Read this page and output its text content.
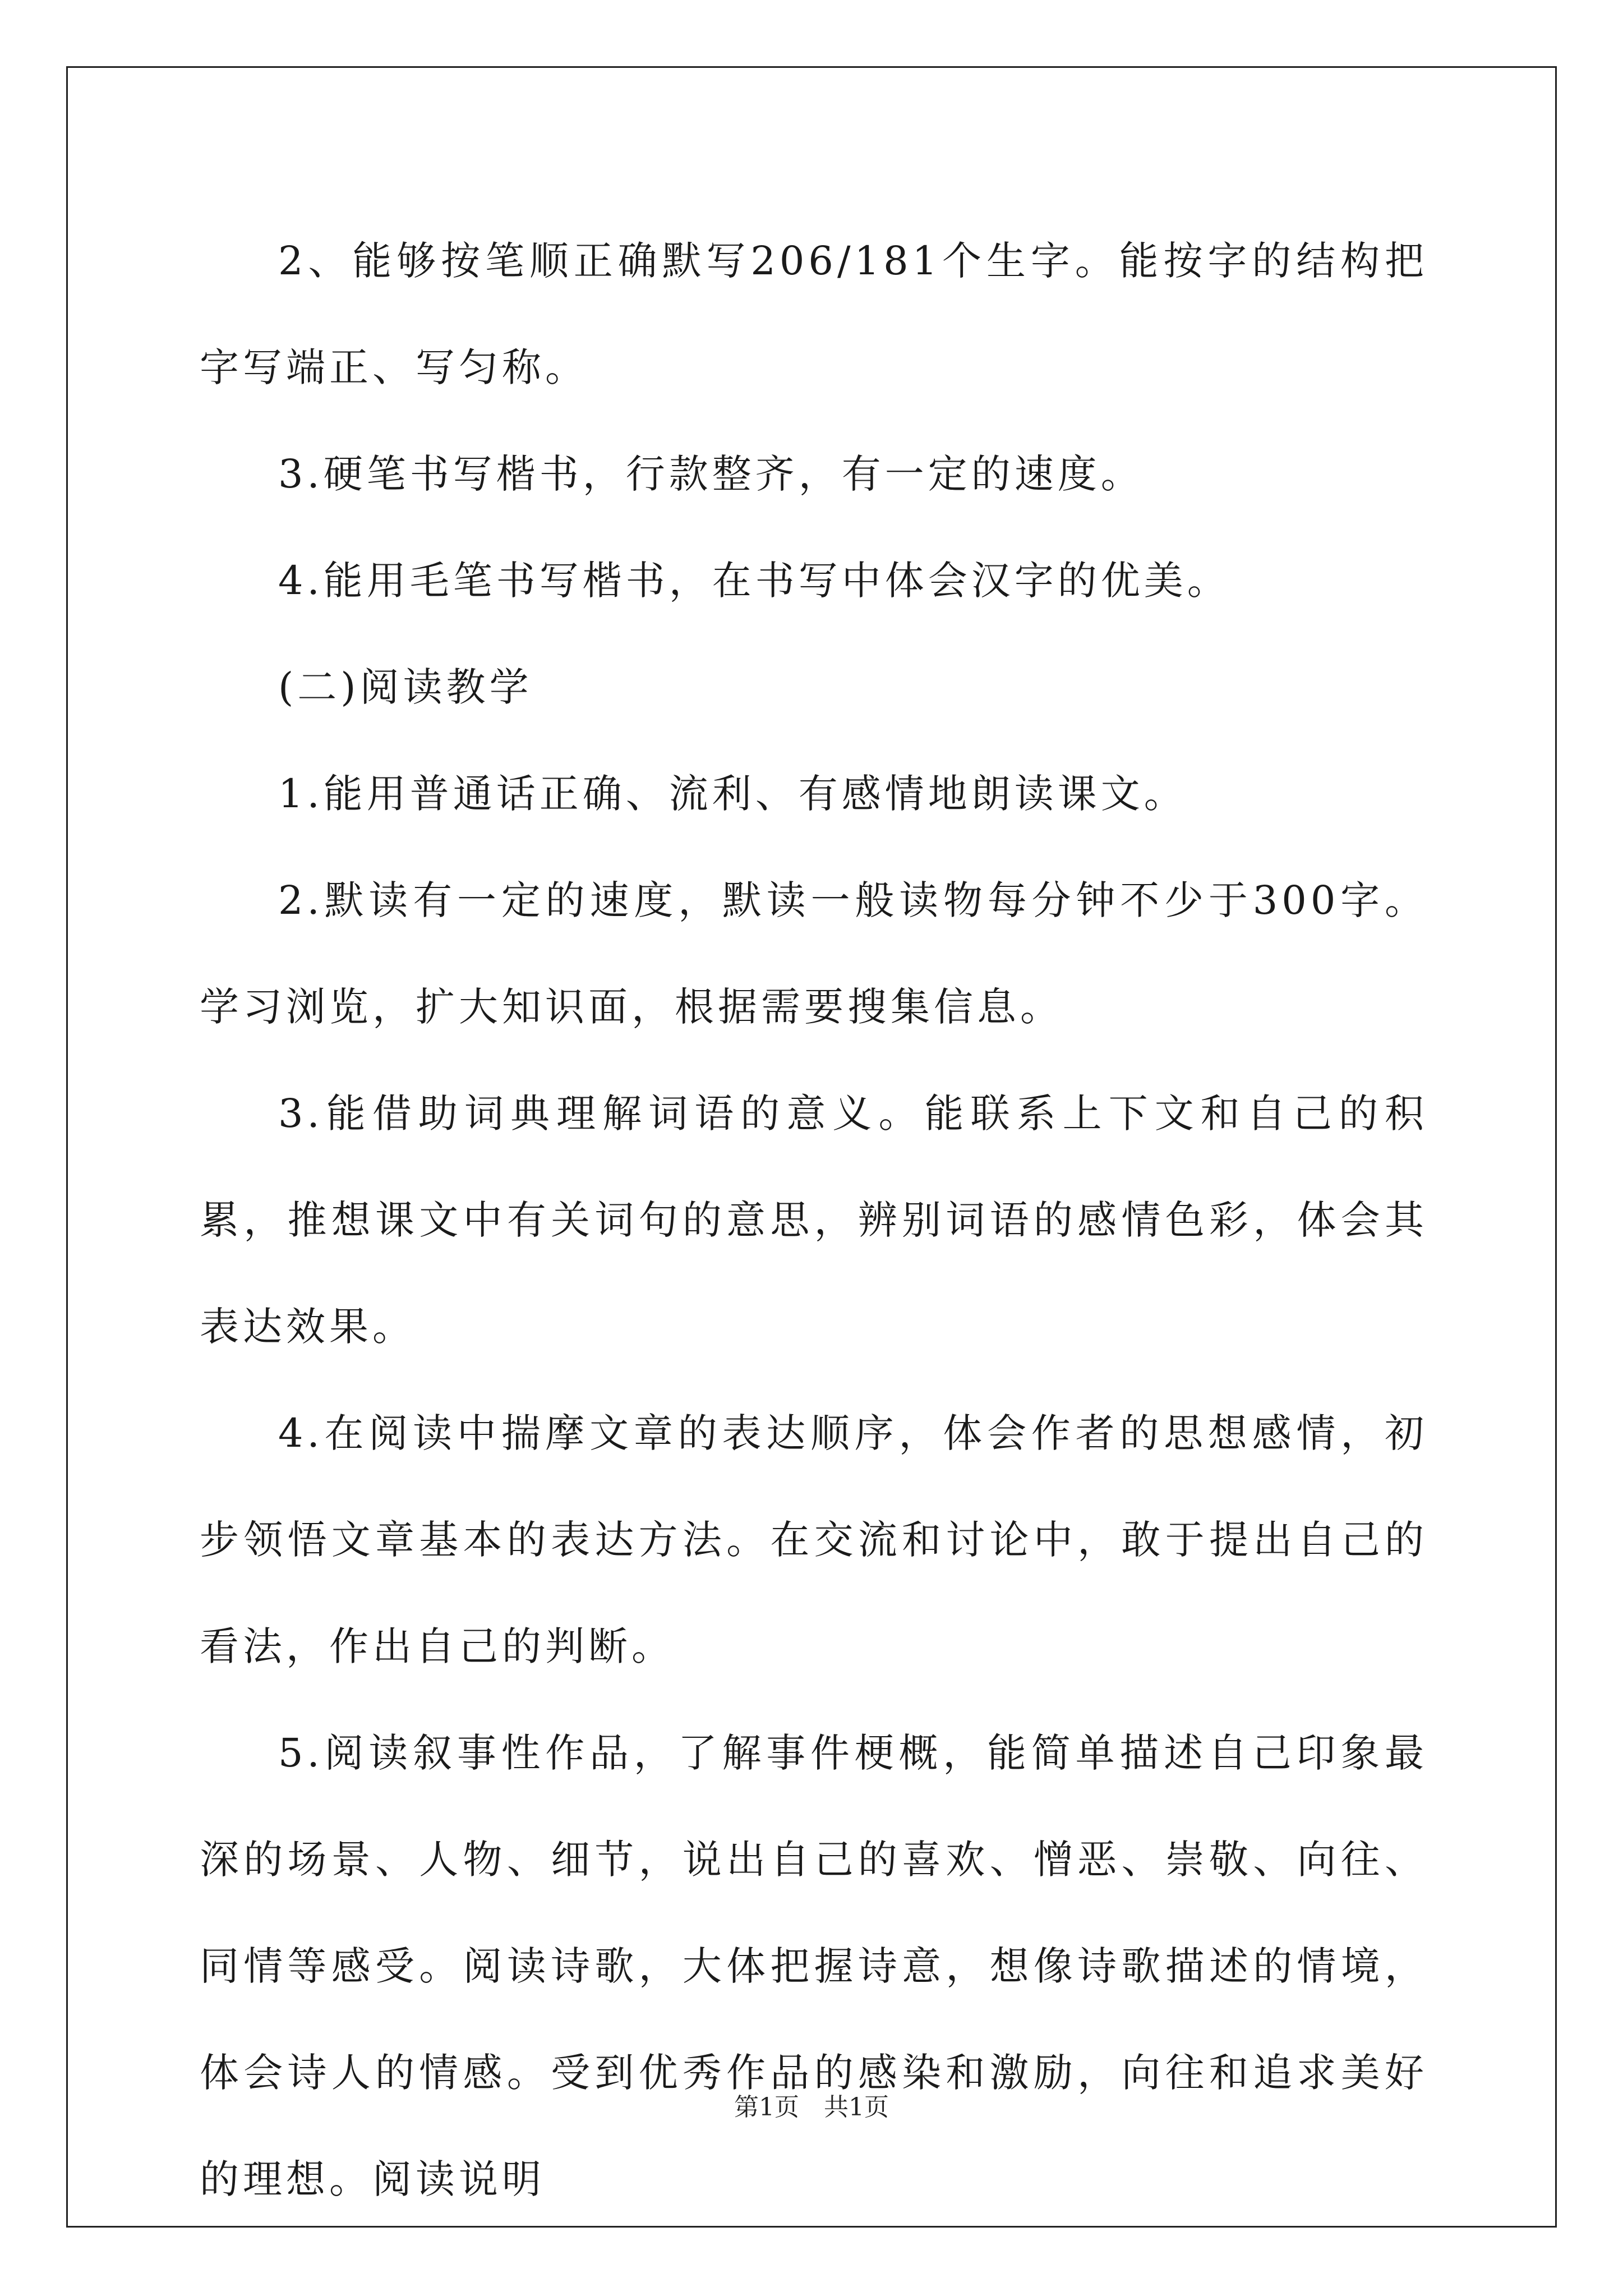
2、能够按笔顺正确默写206/181个生字。能按字的结构把字写端正、写匀称。

3.硬笔书写楷书，行款整齐，有一定的速度。

4.能用毛笔书写楷书，在书写中体会汉字的优美。

(二)阅读教学

1.能用普通话正确、流利、有感情地朗读课文。

2.默读有一定的速度，默读一般读物每分钟不少于300字。学习浏览，扩大知识面，根据需要搜集信息。

3.能借助词典理解词语的意义。能联系上下文和自己的积累，推想课文中有关词句的意思，辨别词语的感情色彩，体会其表达效果。

4.在阅读中揣摩文章的表达顺序，体会作者的思想感情，初步领悟文章基本的表达方法。在交流和讨论中，敢于提出自己的看法，作出自己的判断。

5.阅读叙事性作品，了解事件梗概，能简单描述自己印象最深的场景、人物、细节，说出自己的喜欢、憎恶、崇敬、向往、同情等感受。阅读诗歌，大体把握诗意，想像诗歌描述的情境，体会诗人的情感。受到优秀作品的感染和激励，向往和追求美好的理想。阅读说明

第1页　共1页
